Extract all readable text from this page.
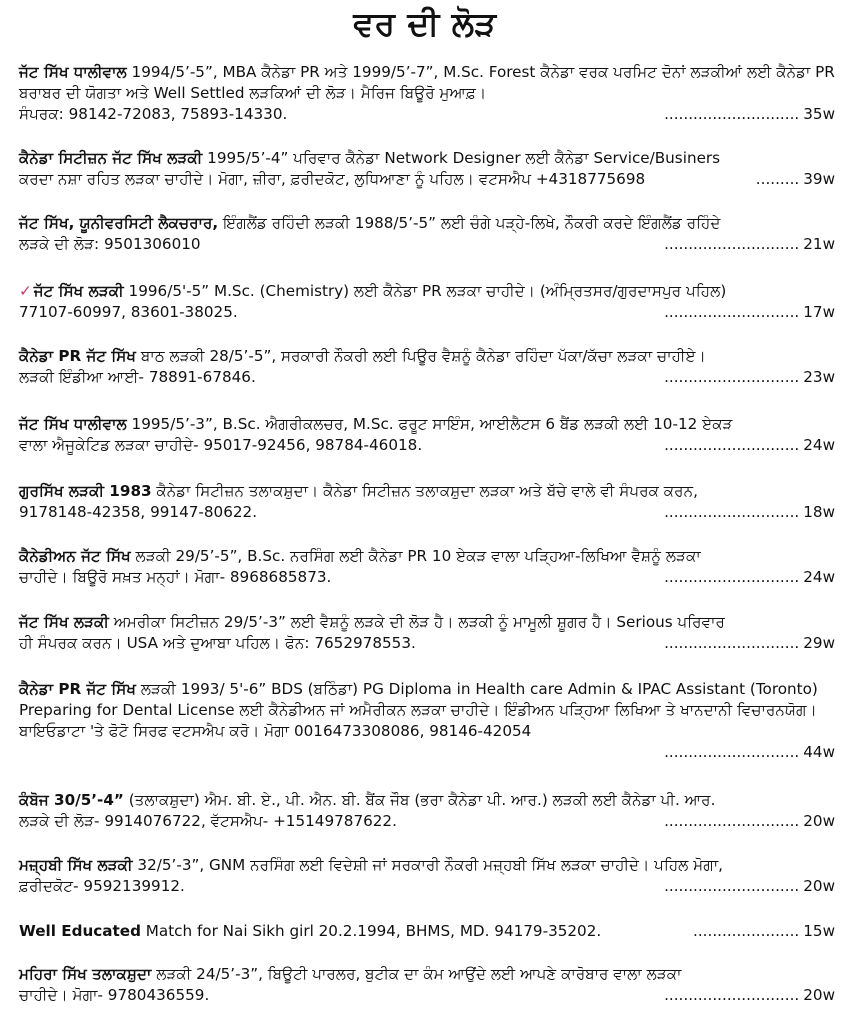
ਵਰ ਦੀ ਲੋੜ

ਜੱਟ ਸਿੱਖ ਧਾਲੀਵਾਲ 1994/5’-5”, MBA ਕੈਨੇਡਾ PR ਅਤੇ 1999/5’-7”, M.Sc. Forest ਕੈਨੇਡਾ ਵਰਕ ਪਰਮਿਟ ਦੋਨਾਂ ਲੜਕੀਆਂ ਲਈ ਕੈਨੇਡਾ PR ਬਰਾਬਰ ਦੀ ਯੋਗਤਾ ਅਤੇ Well Settled ਲੜਕਿਆਂ ਦੀ ਲੋੜ। ਮੈਰਿਜ ਬਿਊਰੋ ਮੁਆਫ਼।

ਸੰਪਰਕ: 98142-72083, 75893-14330.	............................ 35w

ਕੈਨੇਡਾ ਸਿਟੀਜ਼ਨ ਜੱਟ ਸਿੱਖ ਲੜਕੀ 1995/5’-4” ਪਰਿਵਾਰ ਕੈਨੇਡਾ Network Designer ਲਈ ਕੈਨੇਡਾ Service/Businers

ਕਰਦਾ ਨਸ਼ਾ ਰਹਿਤ ਲੜਕਾ ਚਾਹੀਦੇ। ਮੋਗਾ, ਜ਼ੀਰਾ, ਫ਼ਰੀਦਕੋਟ, ਲੁਧਿਆਣਾ ਨੂੰ ਪਹਿਲ। ਵਟਸਐਪ +4318775698	......... 39w

ਜੱਟ ਸਿੱਖ, ਯੂਨੀਵਰਸਿਟੀ ਲੈਕਚਰਾਰ, ਇੰਗਲੈਂਡ ਰਹਿੰਦੀ ਲੜਕੀ 1988/5’-5” ਲਈ ਚੰਗੇ ਪੜ੍ਹੇ-ਲਿਖੇ, ਨੌਕਰੀ ਕਰਦੇ ਇੰਗਲੈਂਡ ਰਹਿੰਦੇ

ਲੜਕੇ ਦੀ ਲੋੜ: 9501306010	............................ 21w

✓ ਜੱਟ ਸਿੱਖ ਲੜਕੀ 1996/5'-5” M.Sc. (Chemistry) ਲਈ ਕੈਨੇਡਾ PR ਲੜਕਾ ਚਾਹੀਦੇ। (ਅੰਮ੍ਰਿਤਸਰ/ਗੁਰਦਾਸਪੁਰ ਪਹਿਲ)

77107-60997, 83601-38025.	............................ 17w

ਕੈਨੇਡਾ PR ਜੱਟ ਸਿੱਖ ਬਾਠ ਲੜਕੀ 28/5’-5”, ਸਰਕਾਰੀ ਨੌਕਰੀ ਲਈ ਪਿਊਰ ਵੈਸ਼ਨੂੰ ਕੈਨੇਡਾ ਰਹਿੰਦਾ ਪੱਕਾ/ਕੱਚਾ ਲੜਕਾ ਚਾਹੀਏ।

ਲੜਕੀ ਇੰਡੀਆ ਆਈ- 78891-67846.	............................ 23w

ਜੱਟ ਸਿੱਖ ਧਾਲੀਵਾਲ 1995/5’-3”, B.Sc. ਐਗਰੀਕਲਚਰ, M.Sc. ਫਰੂਟ ਸਾਇੰਸ, ਆਈਲੈਟਸ 6 ਬੈਂਡ ਲੜਕੀ ਲਈ 10-12 ਏਕੜ

ਵਾਲਾ ਐਜੂਕੇਟਿਡ ਲੜਕਾ ਚਾਹੀਦੇ- 95017-92456, 98784-46018.	............................ 24w

ਗੁਰਸਿੱਖ ਲੜਕੀ 1983 ਕੈਨੇਡਾ ਸਿਟੀਜ਼ਨ ਤਲਾਕਸ਼ੁਦਾ। ਕੈਨੇਡਾ ਸਿਟੀਜ਼ਨ ਤਲਾਕਸ਼ੁਦਾ ਲੜਕਾ ਅਤੇ ਬੱਚੇ ਵਾਲੇ ਵੀ ਸੰਪਰਕ ਕਰਨ,

9178148-42358, 99147-80622.	............................ 18w

ਕੈਨੇਡੀਅਨ ਜੱਟ ਸਿੱਖ ਲੜਕੀ 29/5’-5”, B.Sc. ਨਰਸਿੰਗ ਲਈ ਕੈਨੇਡਾ PR 10 ਏਕੜ ਵਾਲਾ ਪੜ੍ਹਿਆ-ਲਿਖਿਆ ਵੈਸ਼ਨੂੰ ਲੜਕਾ

ਚਾਹੀਦੇ। ਬਿਊਰੋ ਸਖ਼ਤ ਮਨ੍ਹਾਂ। ਮੋਗਾ- 8968685873.	............................ 24w

ਜੱਟ ਸਿੱਖ ਲੜਕੀ ਅਮਰੀਕਾ ਸਿਟੀਜ਼ਨ 29/5’-3” ਲਈ ਵੈਸ਼ਨੂੰ ਲੜਕੇ ਦੀ ਲੋੜ ਹੈ। ਲੜਕੀ ਨੂੰ ਮਾਮੂਲੀ ਸ਼ੂਗਰ ਹੈ। Serious ਪਰਿਵਾਰ

ਹੀ ਸੰਪਰਕ ਕਰਨ। USA ਅਤੇ ਦੁਆਬਾ ਪਹਿਲ। ਫੋਨ: 7652978553.	............................ 29w

ਕੈਨੇਡਾ PR ਜੱਟ ਸਿੱਖ ਲੜਕੀ 1993/ 5'-6” BDS (ਬਠਿੰਡਾ) PG Diploma in Health care Admin & IPAC Assistant (Toronto) Preparing for Dental License ਲਈ ਕੈਨੇਡੀਅਨ ਜਾਂ ਅਮੈਰੀਕਨ ਲੜਕਾ ਚਾਹੀਦੇ। ਇੰਡੀਅਨ ਪੜ੍ਹਿਆ ਲਿਖਿਆ ਤੇ ਖਾਨਦਾਨੀ ਵਿਚਾਰਨਯੋਗ। ਬਾਇਓਡਾਟਾ 'ਤੇ ਫੋਟੋ ਸਿਰਫ ਵਟਸਐਪ ਕਰੋ। ਮੋਗਾ 0016473308086, 98146-42054

............................ 44w

ਕੰਬੋਜ 30/5’-4” (ਤਲਾਕਸ਼ੁਦਾ) ਐਮ. ਬੀ. ਏ., ਪੀ. ਐਨ. ਬੀ. ਬੈਂਕ ਜੌਬ (ਭਰਾ ਕੈਨੇਡਾ ਪੀ. ਆਰ.) ਲੜਕੀ ਲਈ ਕੈਨੇਡਾ ਪੀ. ਆਰ.

ਲੜਕੇ ਦੀ ਲੋੜ- 9914076722, ਵੱਟਸਐਪ- +15149787622.	............................ 20w

ਮਜ਼੍ਹਬੀ ਸਿੱਖ ਲੜਕੀ 32/5’-3”, GNM ਨਰਸਿੰਗ ਲਈ ਵਿਦੇਸ਼ੀ ਜਾਂ ਸਰਕਾਰੀ ਨੌਕਰੀ ਮਜ਼੍ਹਬੀ ਸਿੱਖ ਲੜਕਾ ਚਾਹੀਦੇ। ਪਹਿਲ ਮੋਗਾ,

ਫ਼ਰੀਦਕੋਟ- 9592139912.	............................ 20w
Well Educated Match for Nai Sikh girl 20.2.1994, BHMS, MD. 94179-35202.	...................... 15w

ਮਹਿਰਾ ਸਿੱਖ ਤਲਾਕਸ਼ੁਦਾ ਲੜਕੀ 24/5’-3”, ਬਿਊਟੀ ਪਾਰਲਰ, ਬੁਟੀਕ ਦਾ ਕੰਮ ਆਉਂਦੇ ਲਈ ਆਪਣੇ ਕਾਰੋਬਾਰ ਵਾਲਾ ਲੜਕਾ

ਚਾਹੀਦੇ। ਮੋਗਾ- 9780436559.	............................ 20w
